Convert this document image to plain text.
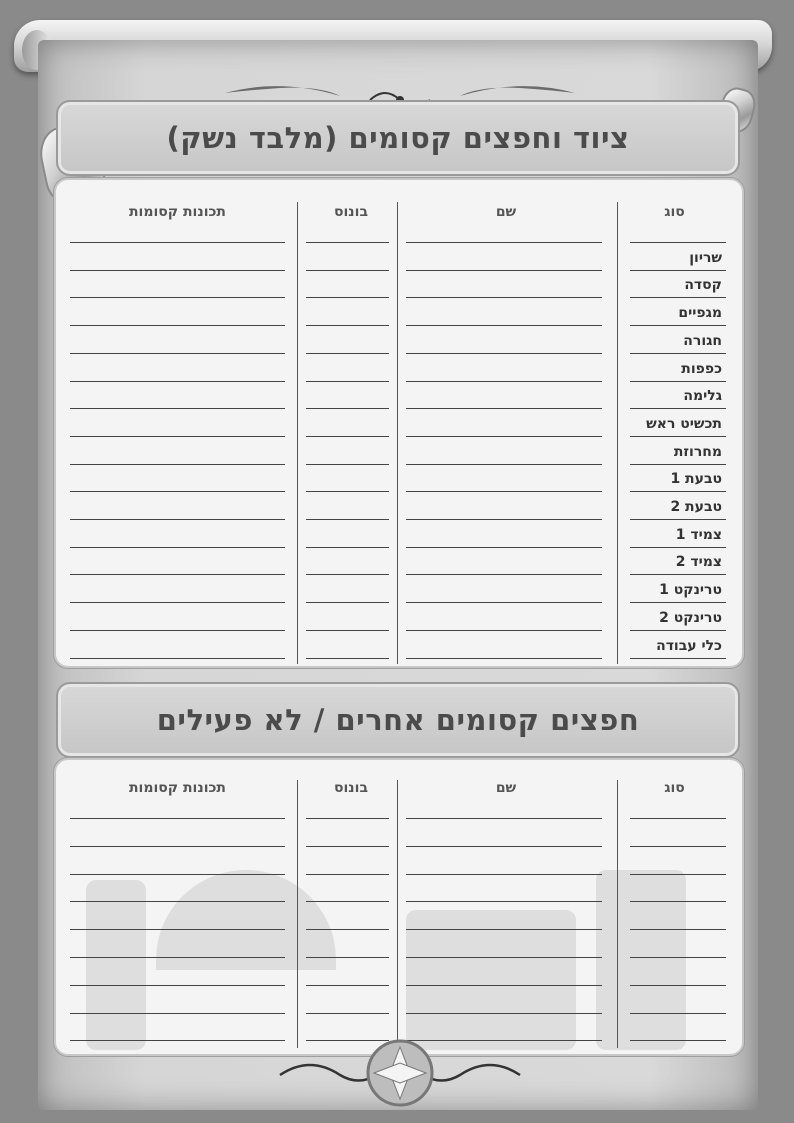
ציוד וחפצים קסומים (מלבד נשק)
סוג
שם
בונוס
תכונות קסומות
שריון
קסדה
מגפיים
חגורה
כפפות
גלימה
תכשיט ראש
מחרוזת
טבעת 1
טבעת 2
צמיד 1
צמיד 2
טרינקט 1
טרינקט 2
כלי עבודה
חפצים קסומים אחרים / לא פעילים
סוג
שם
בונוס
תכונות קסומות
